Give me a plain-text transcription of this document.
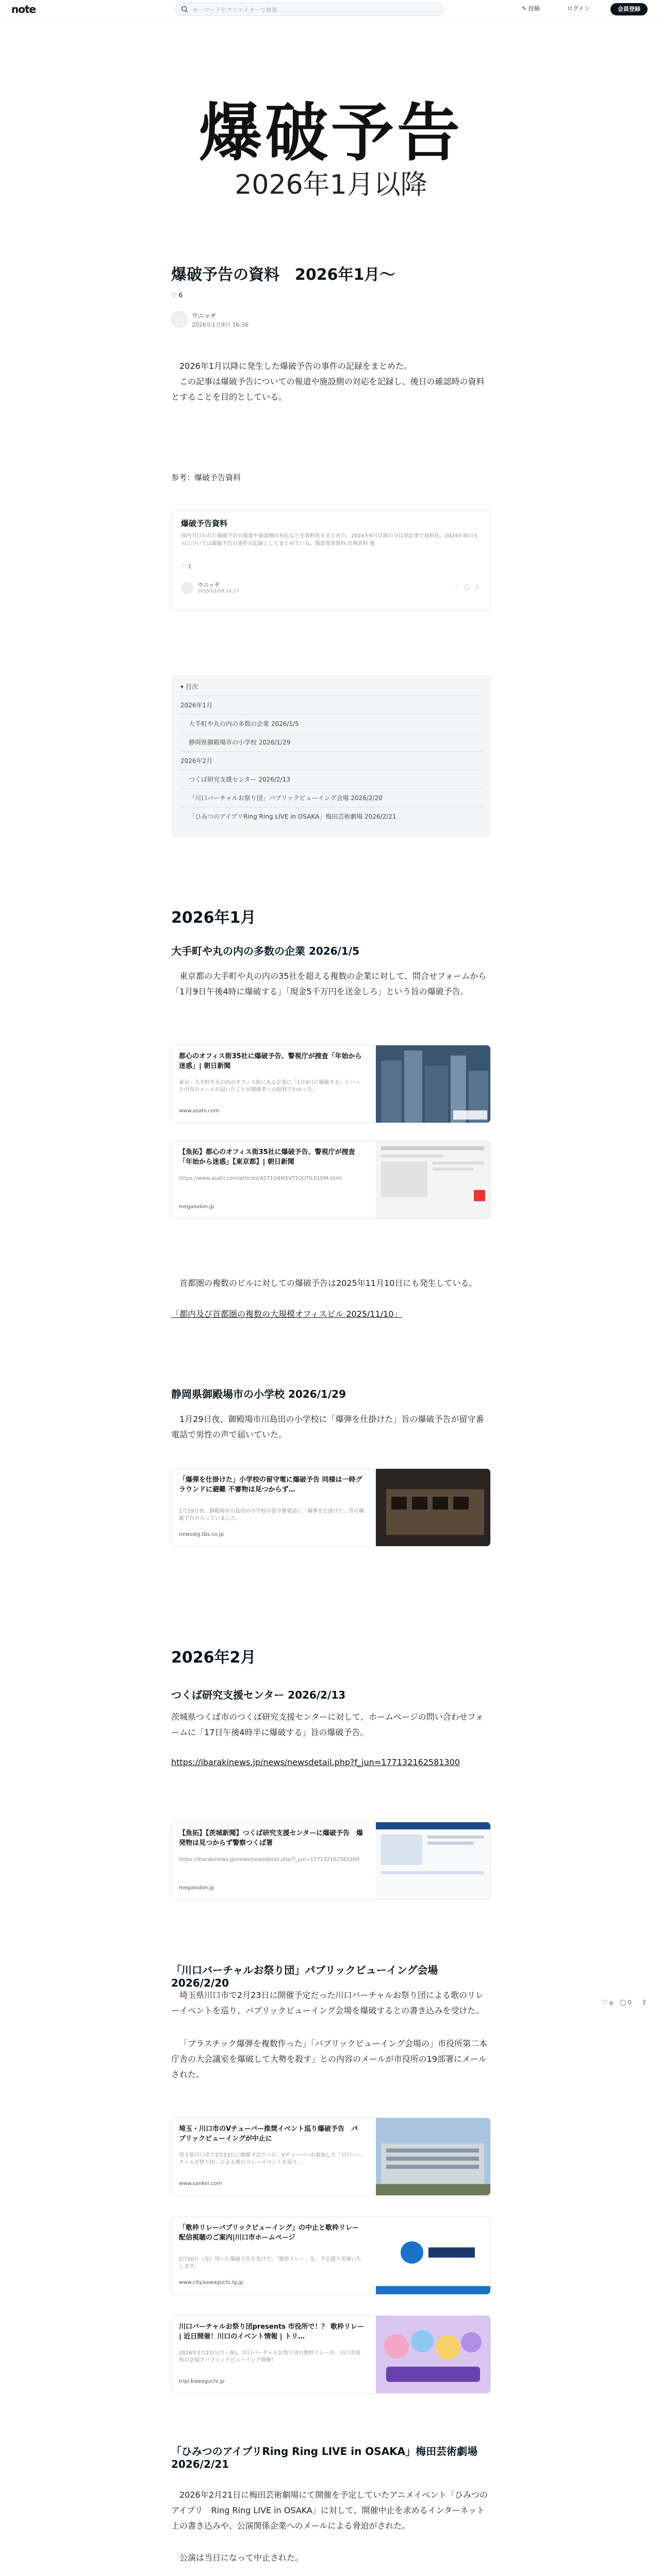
note	キーワードやクリエイターで検索	✎ 投稿	ログイン	会員登録
爆破予告
2026年1月以降
爆破予告の資料　2026年1月〜
♡ 6
ウニッテ
2026年1月9日 16:36
2026年1月以降に発生した爆破予告の事件の記録をまとめた。
この記事は爆破予告についての報道や施設側の対応を記録し、後日の確認時の資料とすることを目的としている。
参考：爆破予告資料
爆破予告資料
国内で行われた爆破予告の報道や施設側の対応などを資料化をまとめた。2024年6月以前の分は別記事で資料化。2024年前のものについては爆破予告の事件の記録としてまとめている。報道発表資料 出典資料 他
♡ 1
ウニッテ
2025/02/09 16:27
♡ ◯ ⇧
▾ 目次
2026年1月
大手町や丸の内の多数の企業 2026/1/5
静岡県御殿場市の小学校 2026/1/29
2026年2月
つくば研究支援センター 2026/2/13
「川口バーチャルお祭り団」パブリックビューイング会場 2026/2/20
「ひみつのアイプリRing Ring LIVE in OSAKA」梅田芸術劇場 2026/2/21
2026年1月
大手町や丸の内の多数の企業 2026/1/5
東京都の大手町や丸の内の35社を超える複数の企業に対して、問合せフォームから「1月9日午後4時に爆破する」「現金5千万円を送金しろ」という旨の爆破予告。
都心のオフィス街35社に爆破予告、警視庁が捜査「年始から迷惑」| 朝日新聞
東京・大手町や丸の内のオフィス街にある企業に「1月9日に爆破する」といった内容のメールが届いたことが関係者への取材でわかった。
www.asahi.com
【魚拓】都心のオフィス街35社に爆破予告、警視庁が捜査「年始から迷惑」【東京都】| 朝日新聞
https://www.asahi.com/articles/AST1Q4M5VT1QUTIL01DM.html
megalodon.jp
首都圏の複数のビルに対しての爆破予告は2025年11月10日にも発生している。
「都内及び首都圏の複数の大規模オフィスビル 2025/11/10」
静岡県御殿場市の小学校 2026/1/29
1月29日夜、御殿場市川島田の小学校に「爆弾を仕掛けた」旨の爆破予告が留守番電話で男性の声で届いていた。
「爆弾を仕掛けた」小学校の留守電に爆破予告 同様は一時グラウンドに避難 不審物は見つからず…
1月29日夜、御殿場市川島田の小学校の留守番電話に「爆弾を仕掛けた」旨の爆破予告が入っていました。
newsdig.tbs.co.jp
2026年2月
つくば研究支援センター 2026/2/13
茨城県つくば市のつくば研究支援センターに対して、ホームページの問い合わせフォームに「17日午後4時半に爆破する」旨の爆破予告。
https://ibarakinews.jp/news/newsdetail.php?f_jun=17713216258130​0
【魚拓】【茨城新聞】つくば研究支援センターに爆破予告　爆発物は見つからず警察つくば署
https://ibarakinews.jp/news/newsdetail.php?f_jun=177132162581300
megalodon.jp
「川口バーチャルお祭り団」パブリックビューイング会場 2026/2/20
埼玉県川口市で2月23日に開催予定だった川口バーチャルお祭り団による歌のリレーイベントを巡り、パブリックビューイング会場を爆破するとの書き込みを受けた。
「プラスチック爆弾を複数作った」「パブリックビューイング会場の」市役所第二本庁舎の大会議室を爆破して大勢を殺す」との内容のメールが市役所の19部署にメールされた。
埼玉・川口市のVチューバー推奨イベント巡り爆破予告　パブリックビューイングが中止に
埼玉県川口市で2月23日に開催予定だった、Vチューバーが参加した「川口バーチャルお祭り団」による歌のリレーイベントを巡り…
www.sankei.com
「歌枠リレーパブリックビューイング」の中止と歌枠リレー配信視聴のご案内|川口市ホームページ
2月20日（金）用いた爆破予告を受けて、「歌枠リレー」を、予定通り実施いたします。
www.city.kawaguchi.lg.jp
川口バーチャルお祭り団presents 市役所で！？ 歌枠リレー | 近日開催！川口のイベント情報 | トリ…
2026年2月23日(月・祝)、川口バーチャルお祭り団の歌枠リレーが、川口市役所の会場でパブリックビューイング開催！
tripi.kawaguchi.jp
「ひみつのアイプリRing Ring LIVE in OSAKA」梅田芸術劇場 2026/2/21
2026年2月21日に梅田芸術劇場にて開催を予定していたアニメイベント「ひみつのアイプリ　Ring Ring LIVE in OSAKA」に対して、開催中止を求めるインターネット上の書き込みや、公演関係企業へのメールによる脅迫がされた。
公演は当日になって中止された。
♡ 6 ◯ 0 ⇪
